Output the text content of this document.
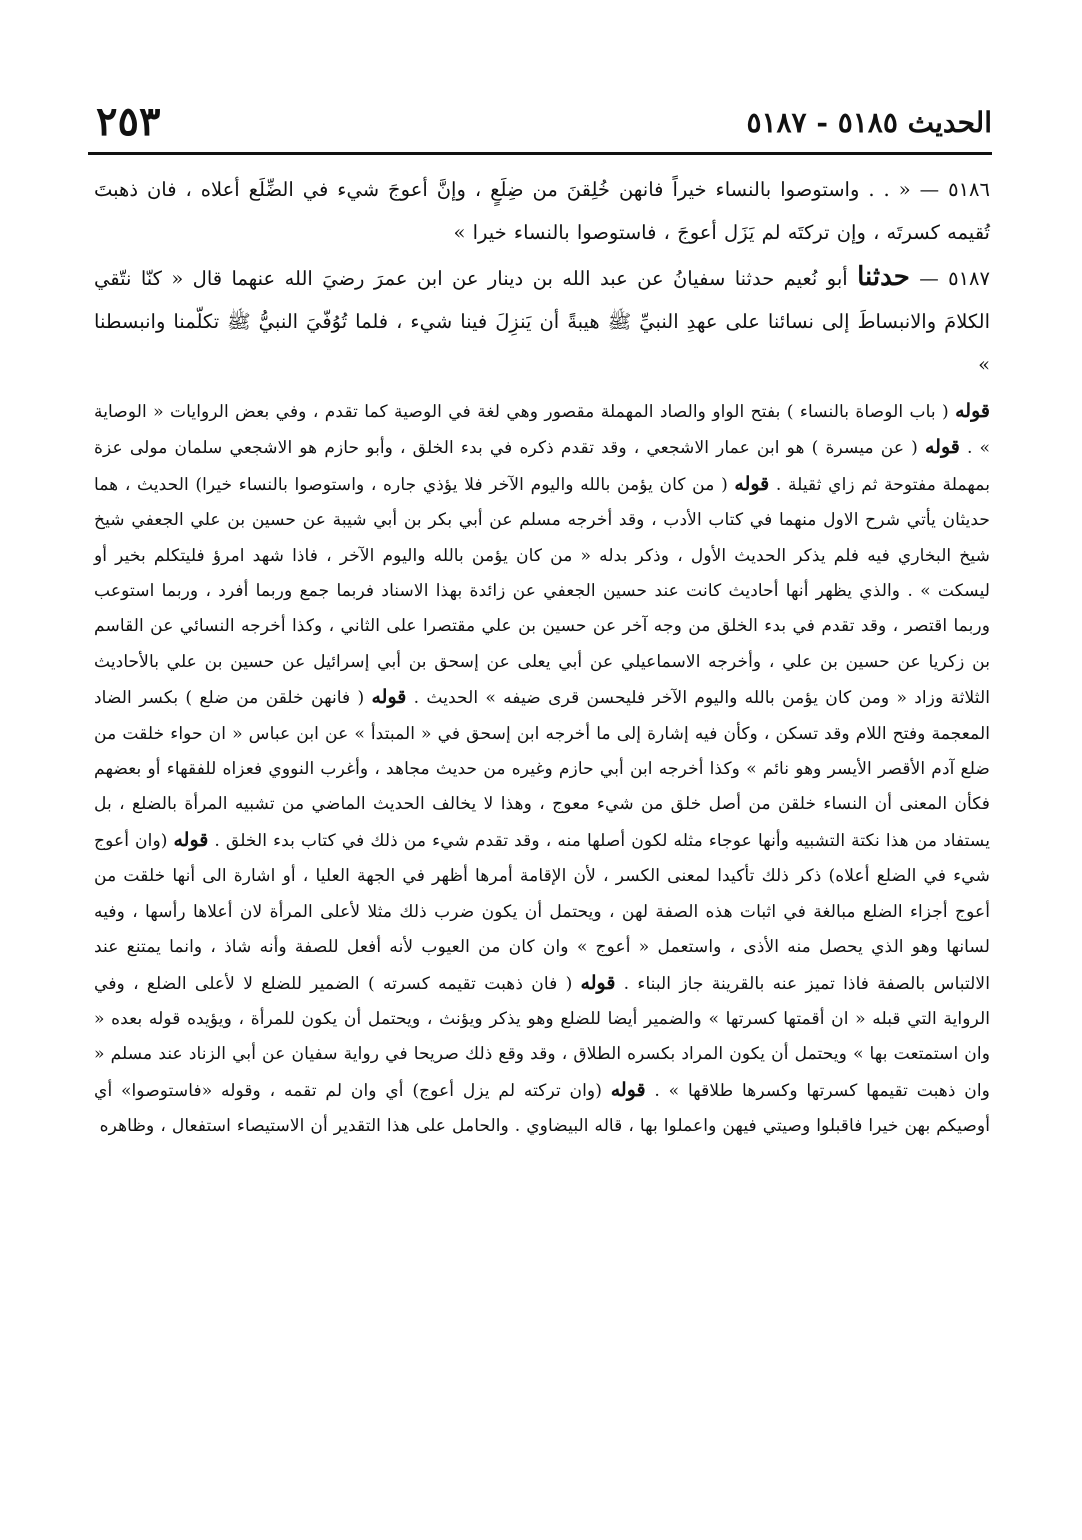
الحديث ٥١٨٥ - ٥١٨٧
٢٥٣

٥١٨٦ — « . . واستوصوا بالنساء خيراً فانهن خُلِقنَ من ضِلَعٍ ، وإنَّ أعوجَ شيء في الضِّلَع أعلاه ، فان ذهبتَ تُقيمه كسرتَه ، وإن تركتَه لم يَزَل أعوجَ ، فاستوصوا بالنساء خيرا »

٥١٨٧ — حدثنا أبو نُعيم حدثنا سفيانُ عن عبد الله بن دينار عن ابن عمرَ رضيَ الله عنهما قال « كنّا نتّقي الكلامَ والانبساطَ إلى نسائنا على عهدِ النبيِّ ﷺ هيبةً أن يَنزِلَ فينا شيء ، فلما تُوُفّيَ النبيُّ ﷺ تكلّمنا وانبسطنا »

قوله ( باب الوصاة بالنساء ) بفتح الواو والصاد المهملة مقصور وهي لغة في الوصية كما تقدم ، وفي بعض الروايات « الوصاية » . قوله ( عن ميسرة ) هو ابن عمار الاشجعي ، وقد تقدم ذكره في بدء الخلق ، وأبو حازم هو الاشجعي سلمان مولى عزة بمهملة مفتوحة ثم زاي ثقيلة . قوله ( من كان يؤمن بالله واليوم الآخر فلا يؤذي جاره ، واستوصوا بالنساء خيرا) الحديث ، هما حديثان يأتي شرح الاول منهما في كتاب الأدب ، وقد أخرجه مسلم عن أبي بكر بن أبي شيبة عن حسين بن علي الجعفي شيخ شيخ البخاري فيه فلم يذكر الحديث الأول ، وذكر بدله « من كان يؤمن بالله واليوم الآخر ، فاذا شهد امرؤ فليتكلم بخير أو ليسكت » . والذي يظهر أنها أحاديث كانت عند حسين الجعفي عن زائدة بهذا الاسناد فربما جمع وربما أفرد ، وربما استوعب وربما اقتصر ، وقد تقدم في بدء الخلق من وجه آخر عن حسين بن علي مقتصرا على الثاني ، وكذا أخرجه النسائي عن القاسم بن زكريا عن حسين بن علي ، وأخرجه الاسماعيلي عن أبي يعلى عن إسحق بن أبي إسرائيل عن حسين بن علي بالأحاديث الثلاثة وزاد « ومن كان يؤمن بالله واليوم الآخر فليحسن قرى ضيفه » الحديث . قوله ( فانهن خلقن من ضلع ) بكسر الضاد المعجمة وفتح اللام وقد تسكن ، وكأن فيه إشارة إلى ما أخرجه ابن إسحق في « المبتدأ » عن ابن عباس « ان حواء خلقت من ضلع آدم الأقصر الأيسر وهو نائم » وكذا أخرجه ابن أبي حازم وغيره من حديث مجاهد ، وأغرب النووي فعزاه للفقهاء أو بعضهم فكأن المعنى أن النساء خلقن من أصل خلق من شيء معوج ، وهذا لا يخالف الحديث الماضي من تشبيه المرأة بالضلع ، بل يستفاد من هذا نكتة التشبيه وأنها عوجاء مثله لكون أصلها منه ، وقد تقدم شيء من ذلك في كتاب بدء الخلق . قوله (وان أعوج شيء في الضلع أعلاه) ذكر ذلك تأكيدا لمعنى الكسر ، لأن الإقامة أمرها أظهر في الجهة العليا ، أو اشارة الى أنها خلقت من أعوج أجزاء الضلع مبالغة في اثبات هذه الصفة لهن ، ويحتمل أن يكون ضرب ذلك مثلا لأعلى المرأة لان أعلاها رأسها ، وفيه لسانها وهو الذي يحصل منه الأذى ، واستعمل « أعوج » وان كان من العيوب لأنه أفعل للصفة وأنه شاذ ، وانما يمتنع عند الالتباس بالصفة فاذا تميز عنه بالقرينة جاز البناء . قوله ( فان ذهبت تقيمه كسرته ) الضمير للضلع لا لأعلى الضلع ، وفي الرواية التي قبله « ان أقمتها كسرتها » والضمير أيضا للضلع وهو يذكر ويؤنث ، ويحتمل أن يكون للمرأة ، ويؤيده قوله بعده « وان استمتعت بها » ويحتمل أن يكون المراد بكسره الطلاق ، وقد وقع ذلك صريحا في رواية سفيان عن أبي الزناد عند مسلم « وان ذهبت تقيمها كسرتها وكسرها طلاقها » . قوله (وان تركته لم يزل أعوج) أي وان لم تقمه ، وقوله «فاستوصوا» أي أوصيكم بهن خيرا فاقبلوا وصيتي فيهن واعملوا بها ، قاله البيضاوي . والحامل على هذا التقدير أن الاستيصاء استفعال ، وظاهره
